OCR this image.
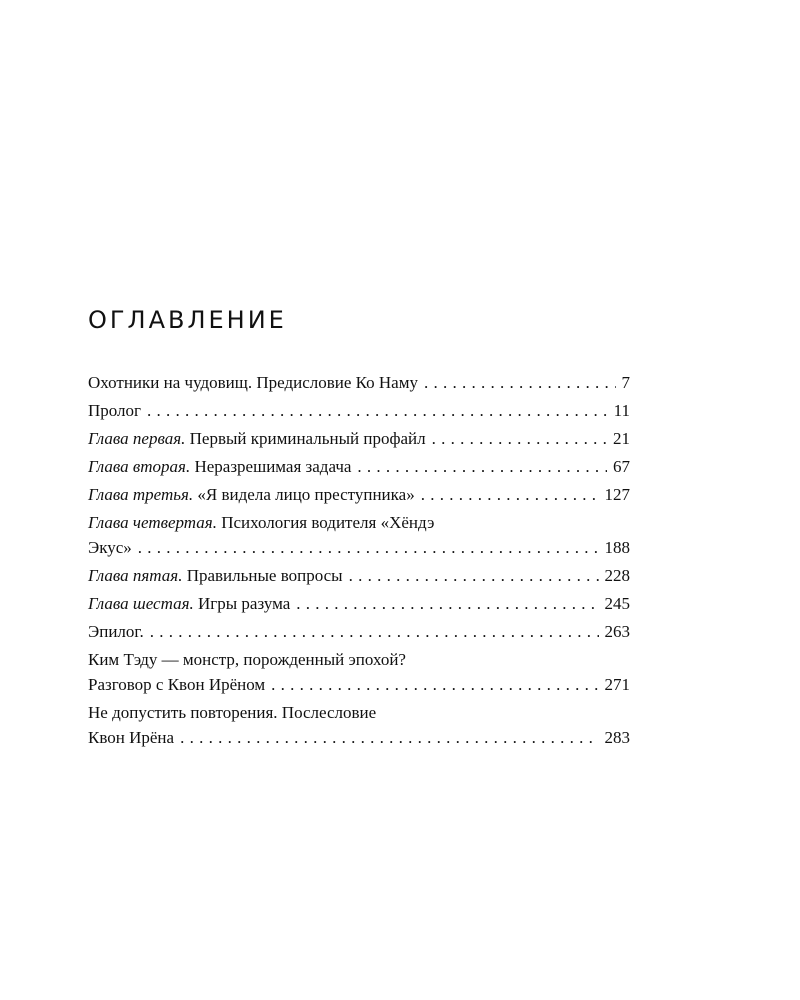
ОГЛАВЛЕНИЕ
Охотники на чудовищ. Предисловие Ко Наму . . .	7
Пролог . . .	11
Глава первая. Первый криминальный профайл . . .	21
Глава вторая. Неразрешимая задача . . .	67
Глава третья. «Я видела лицо преступника» . . .	127
Глава четвертая. Психология водителя «Хёндэ
Экус» . . .	188
Глава пятая. Правильные вопросы . . .	228
Глава шестая. Игры разума . . .	245
Эпилог. . . .	263
Ким Тэду — монстр, порожденный эпохой?
Разговор с Квон Ирёном . . .	271
Не допустить повторения. Послесловие
Квон Ирёна . . .	283
